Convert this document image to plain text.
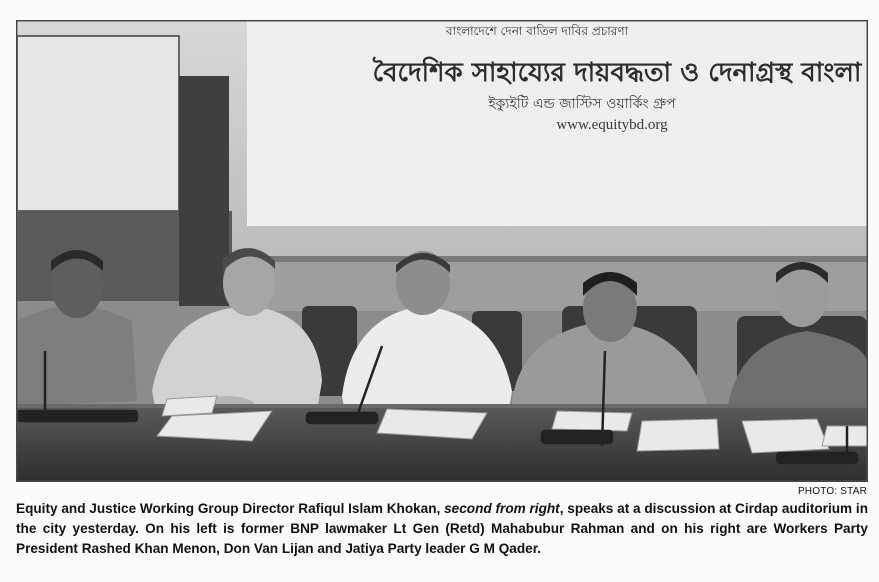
বাংলাদেশে দেনা বাতিল দাবির প্রচারণা
বৈদেশিক সাহায্যের দায়বদ্ধতা ও দেনাগ্রস্থ বাংলা
ইক্যুইটি এন্ড জাস্টিস ওয়ার্কিং গ্রুপ
www.equitybd.org
PHOTO: STAR
Equity and Justice Working Group Director Rafiqul Islam Khokan, second from right, speaks at a discussion at Cirdap auditorium in the city yesterday. On his left is former BNP lawmaker Lt Gen (Retd) Mahabubur Rahman and on his right are Workers Party President Rashed Khan Menon, Don Van Lijan and Jatiya Party leader G M Qader.
